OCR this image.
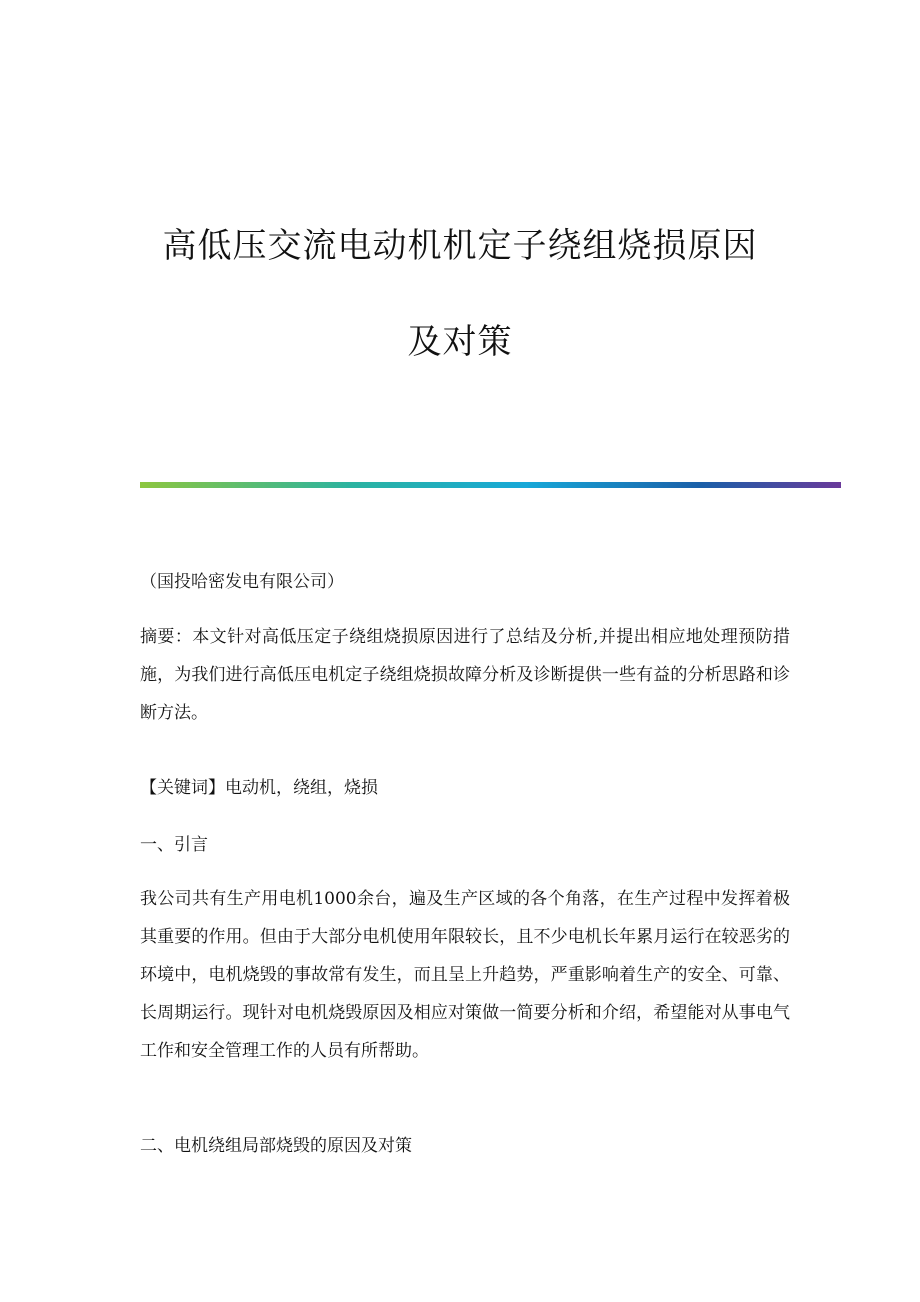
高低压交流电动机机定子绕组烧损原因
及对策

（国投哈密发电有限公司）

摘要：本文针对高低压定子绕组烧损原因进行了总结及分析,并提出相应地处理预防措施，为我们进行高低压电机定子绕组烧损故障分析及诊断提供一些有益的分析思路和诊断方法。

【关键词】电动机，绕组，烧损

一、引言

我公司共有生产用电机1000余台，遍及生产区域的各个角落，在生产过程中发挥着极其重要的作用。但由于大部分电机使用年限较长，且不少电机长年累月运行在较恶劣的环境中，电机烧毁的事故常有发生，而且呈上升趋势，严重影响着生产的安全、可靠、长周期运行。现针对电机烧毁原因及相应对策做一简要分析和介绍，希望能对从事电气工作和安全管理工作的人员有所帮助。

二、电机绕组局部烧毁的原因及对策
